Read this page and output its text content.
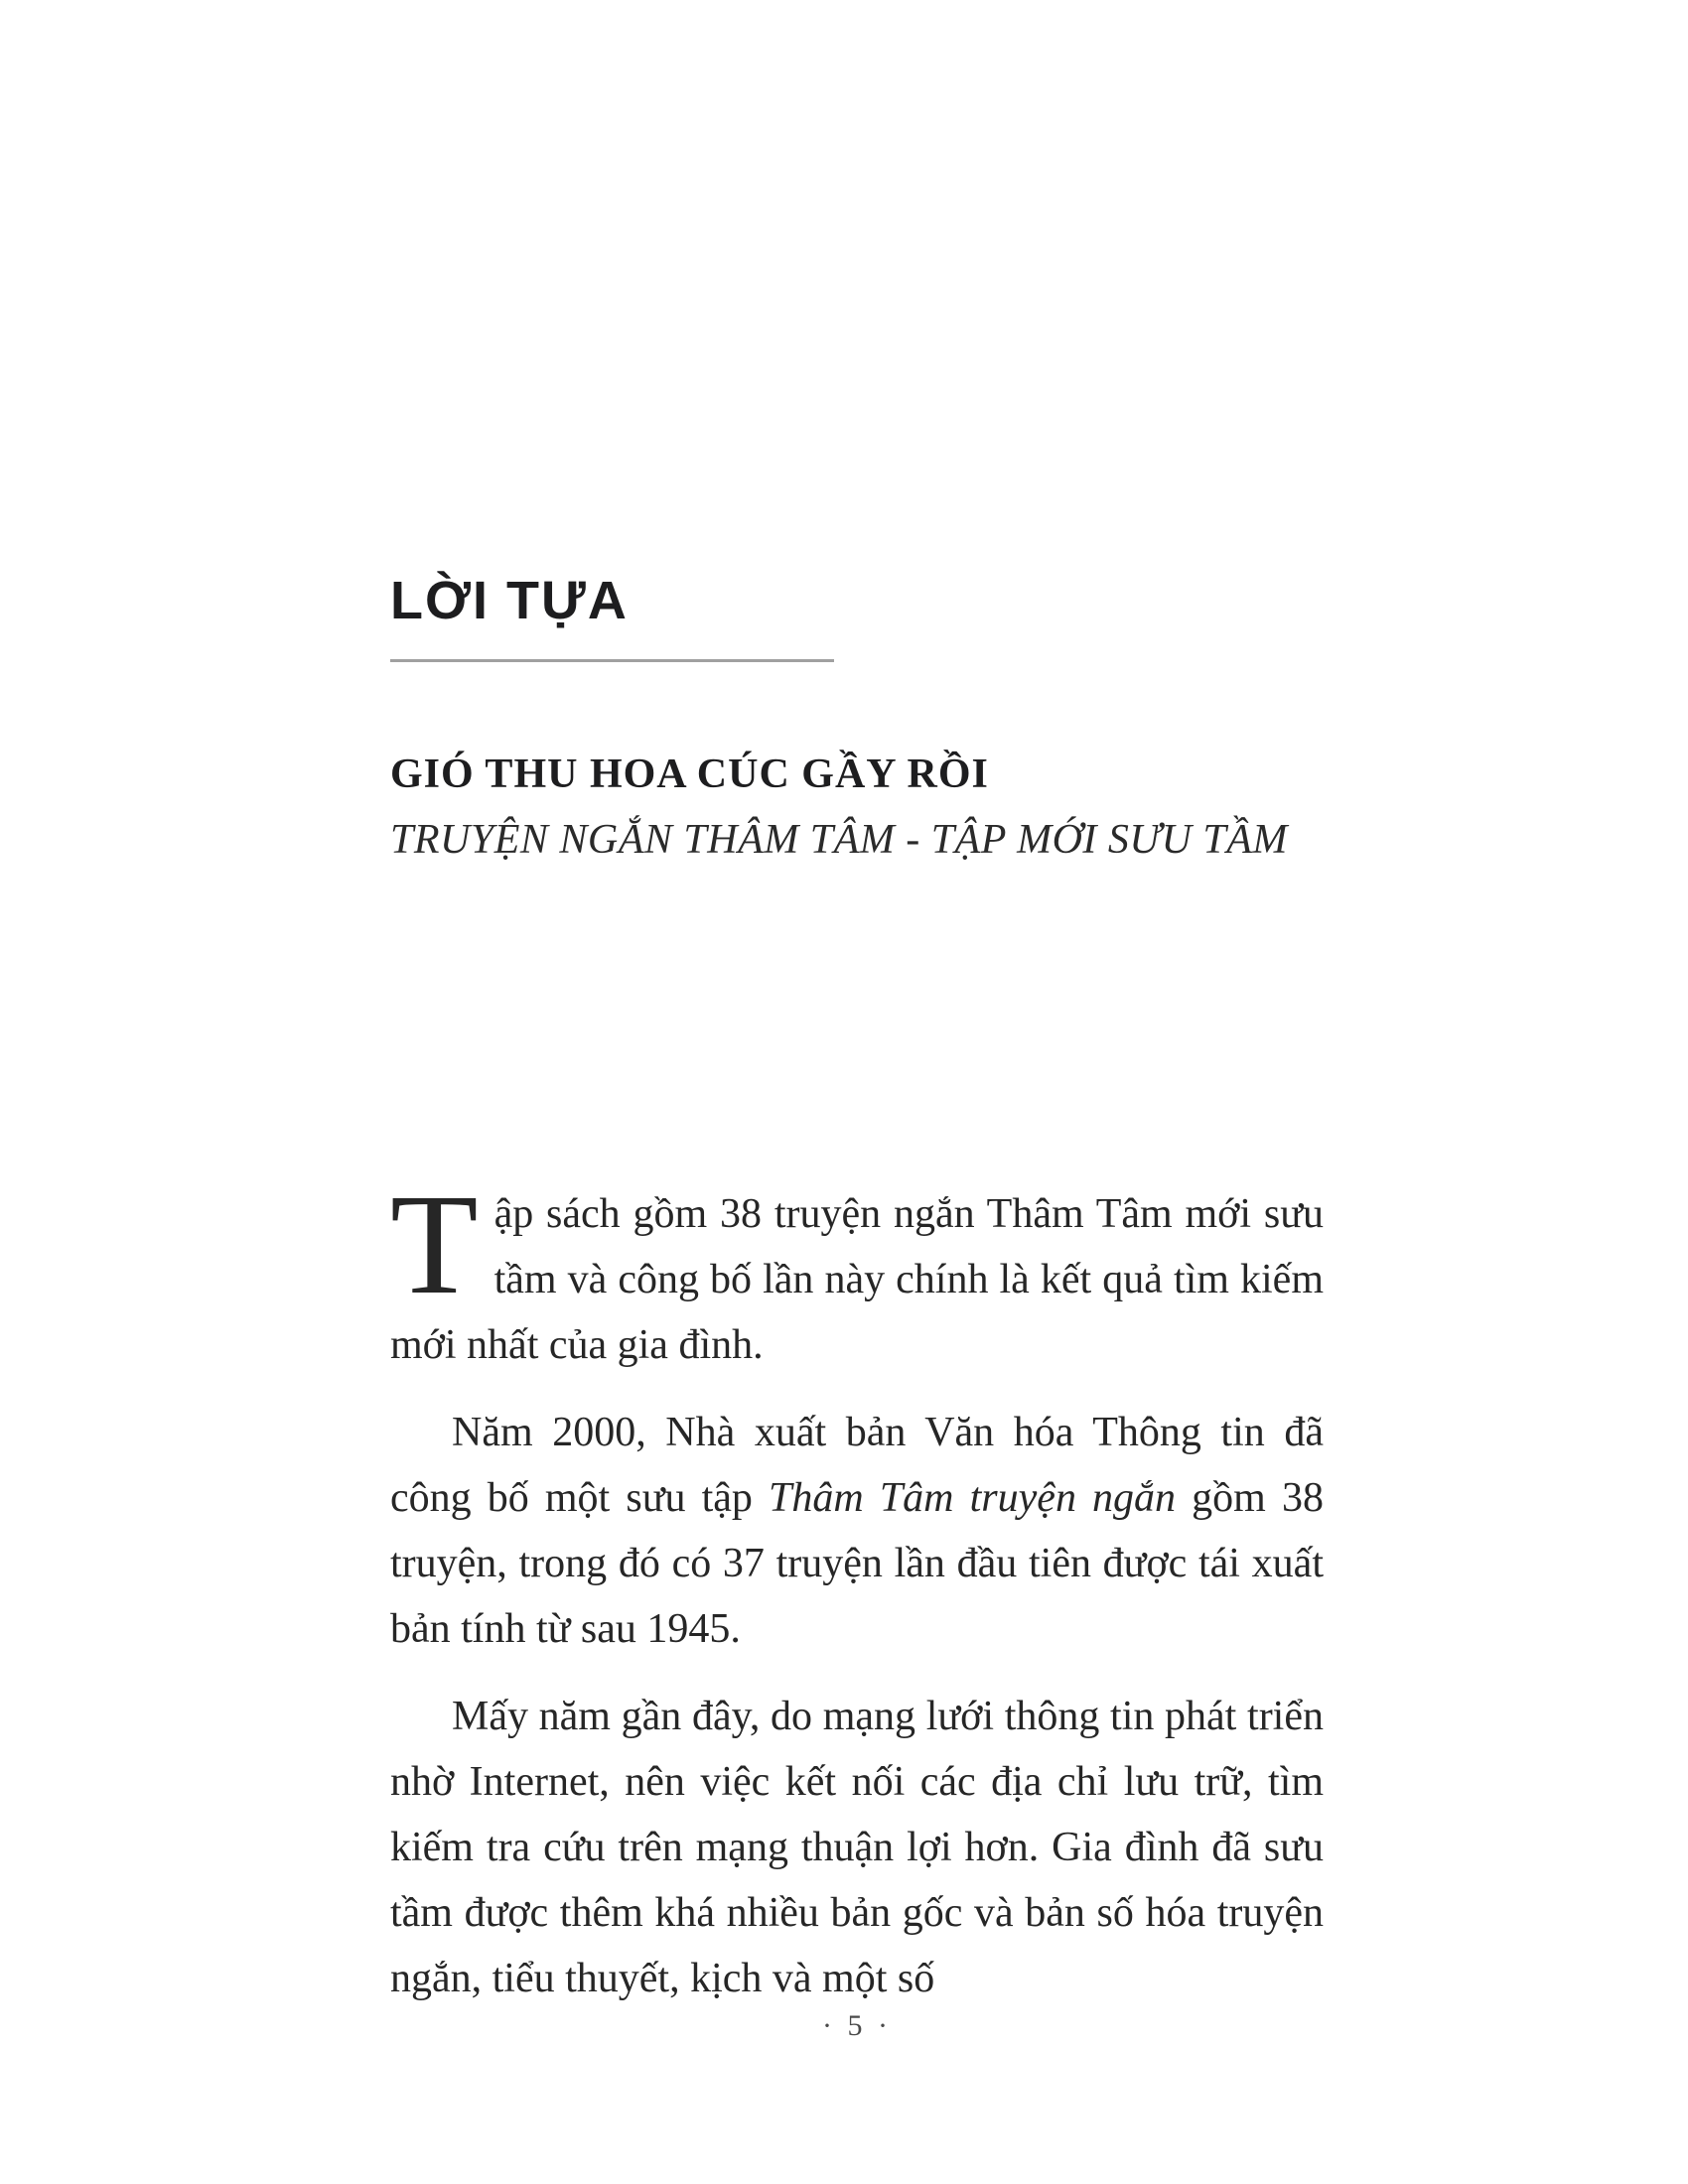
LỜI TỰA
GIÓ THU HOA CÚC GẦY RỒI
TRUYỆN NGẮN THÂM TÂM - TẬP MỚI SƯU TẦM

Tập sách gồm 38 truyện ngắn Thâm Tâm mới sưu tầm và công bố lần này chính là kết quả tìm kiếm mới nhất của gia đình.

Năm 2000, Nhà xuất bản Văn hóa Thông tin đã công bố một sưu tập Thâm Tâm truyện ngắn gồm 38 truyện, trong đó có 37 truyện lần đầu tiên được tái xuất bản tính từ sau 1945.

Mấy năm gần đây, do mạng lưới thông tin phát triển nhờ Internet, nên việc kết nối các địa chỉ lưu trữ, tìm kiếm tra cứu trên mạng thuận lợi hơn. Gia đình đã sưu tầm được thêm khá nhiều bản gốc và bản số hóa truyện ngắn, tiểu thuyết, kịch và một số

· 5 ·
